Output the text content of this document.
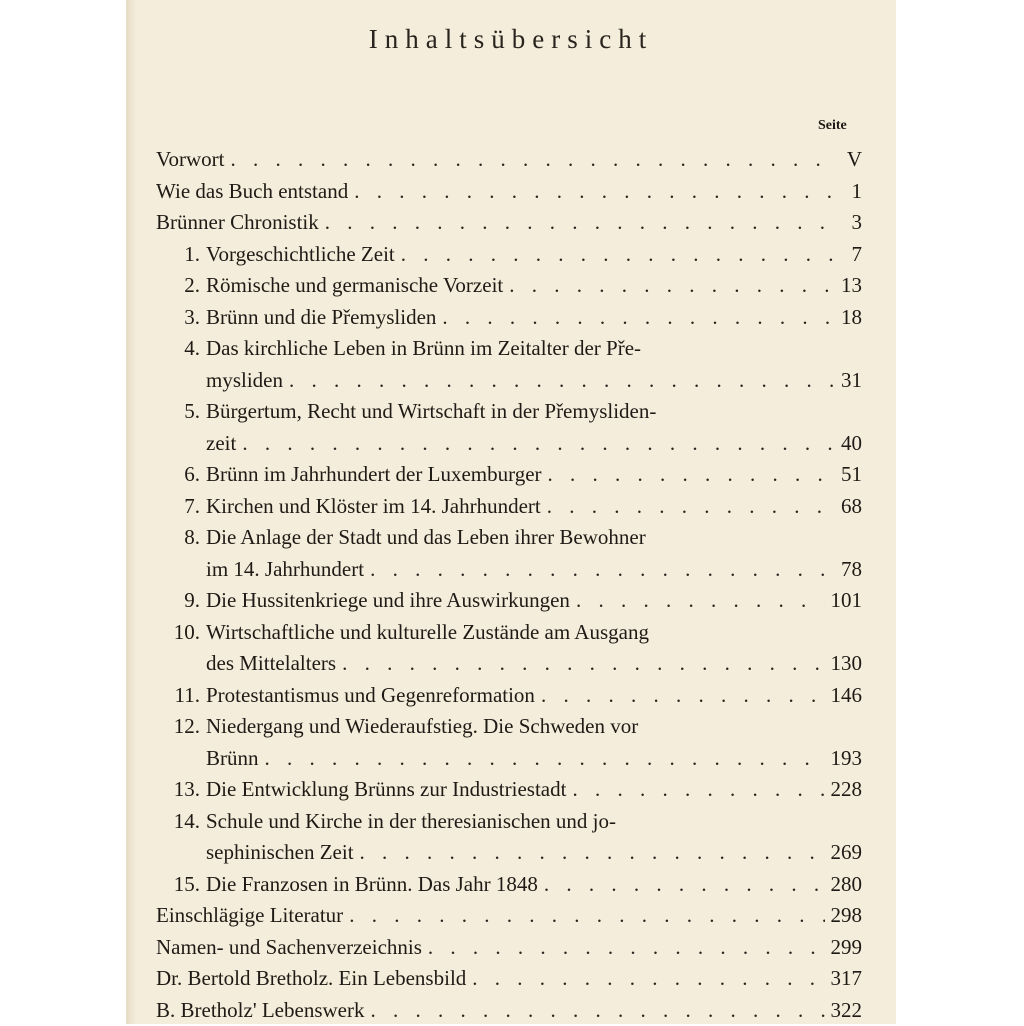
Inhaltsübersicht
Seite
Vorwort . . .	V
Wie das Buch entstand . . .	1
Brünner Chronistik . . .	3
1. Vorgeschichtliche Zeit . . .	7
2. Römische und germanische Vorzeit . . .	13
3. Brünn und die Přemysliden . . .	18
4. Das kirchliche Leben in Brünn im Zeitalter der Pře-
mysliden . . .	31
5. Bürgertum, Recht und Wirtschaft in der Přemysliden-
zeit . . .	40
6. Brünn im Jahrhundert der Luxemburger . . .	51
7. Kirchen und Klöster im 14. Jahrhundert . . .	68
8. Die Anlage der Stadt und das Leben ihrer Bewohner
im 14. Jahrhundert . . .	78
9. Die Hussitenkriege und ihre Auswirkungen . . .	101
10. Wirtschaftliche und kulturelle Zustände am Ausgang
des Mittelalters . . .	130
11. Protestantismus und Gegenreformation . . .	146
12. Niedergang und Wiederaufstieg. Die Schweden vor
Brünn . . .	193
13. Die Entwicklung Brünns zur Industriestadt . . .	228
14. Schule und Kirche in der theresianischen und jo-
sephinischen Zeit . . .	269
15. Die Franzosen in Brünn. Das Jahr 1848 . . .	280
Einschlägige Literatur . . .	298
Namen- und Sachenverzeichnis . . .	299
Dr. Bertold Bretholz. Ein Lebensbild . . .	317
B. Bretholz' Lebenswerk . . .	322
